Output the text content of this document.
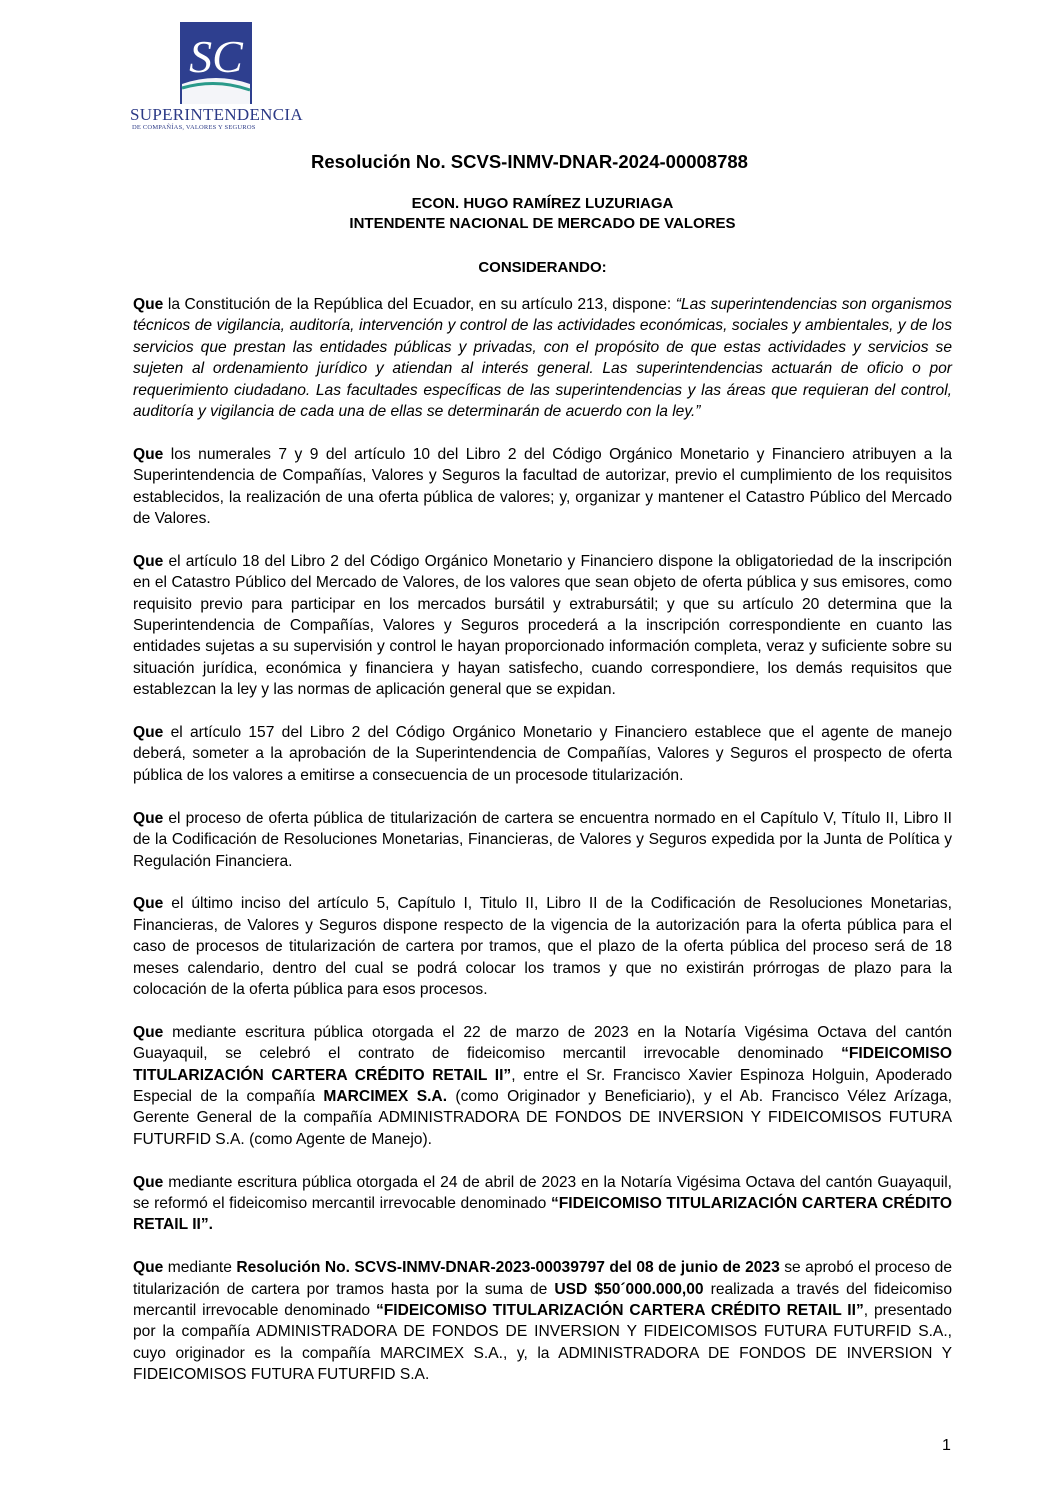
SC
SUPERINTENDENCIA
DE COMPAÑÍAS, VALORES Y SEGUROS
Resolución No. SCVS-INMV-DNAR-2024-00008788
ECON. HUGO RAMÍREZ LUZURIAGA
INTENDENTE NACIONAL DE MERCADO DE VALORES
CONSIDERANDO:

Que la Constitución de la República del Ecuador, en su artículo 213, dispone: “Las superintendencias son organismos técnicos de vigilancia, auditoría, intervención y control de las actividades económicas, sociales y ambientales, y de los servicios que prestan las entidades públicas y privadas, con el propósito de que estas actividades y servicios se sujeten al ordenamiento jurídico y atiendan al interés general. Las superintendencias actuarán de oficio o por requerimiento ciudadano. Las facultades específicas de las superintendencias y las áreas que requieran del control, auditoría y vigilancia de cada una de ellas se determinarán de acuerdo con la ley.”

Que los numerales 7 y 9 del artículo 10 del Libro 2 del Código Orgánico Monetario y Financiero atribuyen a la Superintendencia de Compañías, Valores y Seguros la facultad de autorizar, previo el cumplimiento de los requisitos establecidos, la realización de una oferta pública de valores; y, organizar y mantener el Catastro Público del Mercado de Valores.

Que el artículo 18 del Libro 2 del Código Orgánico Monetario y Financiero dispone la obligatoriedad de la inscripción en el Catastro Público del Mercado de Valores, de los valores que sean objeto de oferta pública y sus emisores, como requisito previo para participar en los mercados bursátil y extrabursátil; y que su artículo 20 determina que la Superintendencia de Compañías, Valores y Seguros procederá a la inscripción correspondiente en cuanto las entidades sujetas a su supervisión y control le hayan proporcionado información completa, veraz y suficiente sobre su situación jurídica, económica y financiera y hayan satisfecho, cuando correspondiere, los demás requisitos que establezcan la ley y las normas de aplicación general que se expidan.

Que el artículo 157 del Libro 2 del Código Orgánico Monetario y Financiero establece que el agente de manejo deberá, someter a la aprobación de la Superintendencia de Compañías, Valores y Seguros el prospecto de oferta pública de los valores a emitirse a consecuencia de un procesode titularización.

Que el proceso de oferta pública de titularización de cartera se encuentra normado en el Capítulo V, Título II, Libro II de la Codificación de Resoluciones Monetarias, Financieras, de Valores y Seguros expedida por la Junta de Política y Regulación Financiera.

Que el último inciso del artículo 5, Capítulo I, Titulo II, Libro II de la Codificación de Resoluciones Monetarias, Financieras, de Valores y Seguros dispone respecto de la vigencia de la autorización para la oferta pública para el caso de procesos de titularización de cartera por tramos, que el plazo de la oferta pública del proceso será de 18 meses calendario, dentro del cual se podrá colocar los tramos y que no existirán prórrogas de plazo para la colocación de la oferta pública para esos procesos.

Que mediante escritura pública otorgada el 22 de marzo de 2023 en la Notaría Vigésima Octava del cantón Guayaquil, se celebró el contrato de fideicomiso mercantil irrevocable denominado “FIDEICOMISO TITULARIZACIÓN CARTERA CRÉDITO RETAIL II”, entre el Sr. Francisco Xavier Espinoza Holguin, Apoderado Especial de la compañía MARCIMEX S.A. (como Originador y Beneficiario), y el Ab. Francisco Vélez Arízaga, Gerente General de la compañía ADMINISTRADORA DE FONDOS DE INVERSION Y FIDEICOMISOS FUTURA FUTURFID S.A. (como Agente de Manejo).

Que mediante escritura pública otorgada el 24 de abril de 2023 en la Notaría Vigésima Octava del cantón Guayaquil, se reformó el fideicomiso mercantil irrevocable denominado “FIDEICOMISO TITULARIZACIÓN CARTERA CRÉDITO RETAIL II”.

Que mediante Resolución No. SCVS-INMV-DNAR-2023-00039797 del 08 de junio de 2023 se aprobó el proceso de titularización de cartera por tramos hasta por la suma de USD $50´000.000,00 realizada a través del fideicomiso mercantil irrevocable denominado “FIDEICOMISO TITULARIZACIÓN CARTERA CRÉDITO RETAIL II”, presentado por la compañía ADMINISTRADORA DE FONDOS DE INVERSION Y FIDEICOMISOS FUTURA FUTURFID S.A., cuyo originador es la compañía MARCIMEX S.A., y, la ADMINISTRADORA DE FONDOS DE INVERSION Y FIDEICOMISOS FUTURA FUTURFID S.A.

1
